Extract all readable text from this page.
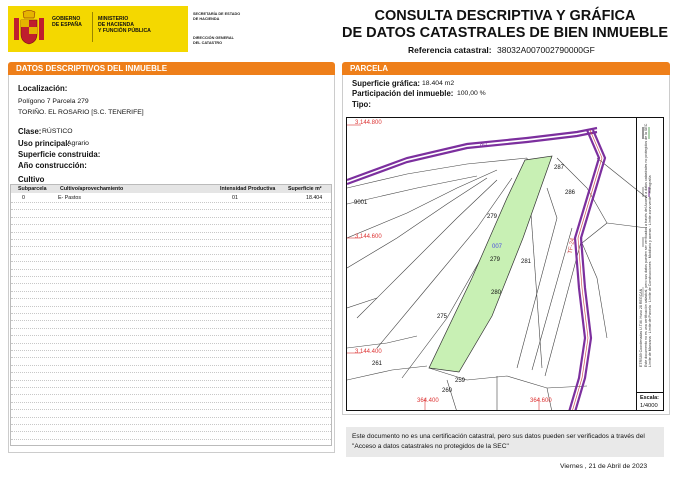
GOBIERNO
DE ESPAÑA
MINISTERIO
DE HACIENDA
Y FUNCIÓN PÚBLICA
SECRETARÍA DE ESTADO
DE HACIENDA
DIRECCIÓN GENERAL
DEL CATASTRO
CONSULTA DESCRIPTIVA Y GRÁFICA
DE DATOS CATASTRALES DE BIEN INMUEBLE
Referencia catastral: 38032A007002790000GF
DATOS DESCRIPTIVOS DEL INMUEBLE
Localización:
Polígono 7 Parcela 279
TORIÑO. EL ROSARIO [S.C. TENERIFE]
Clase: RÚSTICO
Uso principal:
Agrario
Superficie construida:
Año construcción:
Cultivo
Subparcela	Cultivo/aprovechamiento	Intensidad Productiva Superficie m²
0	E- Pastos	01	18.404
PARCELA
Superficie gráfica: 18.404 m2
Participación del inmueble: 100,00 %
Tipo:
3.144.800
3.144.600
3.144.400
364.400	364.600
287
286
279
007
279	281
280
275
261
259
260
9001
TF-24
80
ETRS89 Coordenadas U.T.M. Huso 28 REGCAN Este documento no es una certificación catastral, pero sus datos pueden ser verificados a través del Acceso a datos catastrales no protegidos de la SEC Límite de Manzana · Límite de Parcela · Límite de Construcciones · Mobiliario y aceras · Límite zona verde · Hidrografía
Escala:
1/4000
Este documento no es una certificación catastral, pero sus datos pueden ser verificados a través del "Acceso a datos catastrales no protegidos de la SEC"
Viernes , 21 de Abril de 2023
